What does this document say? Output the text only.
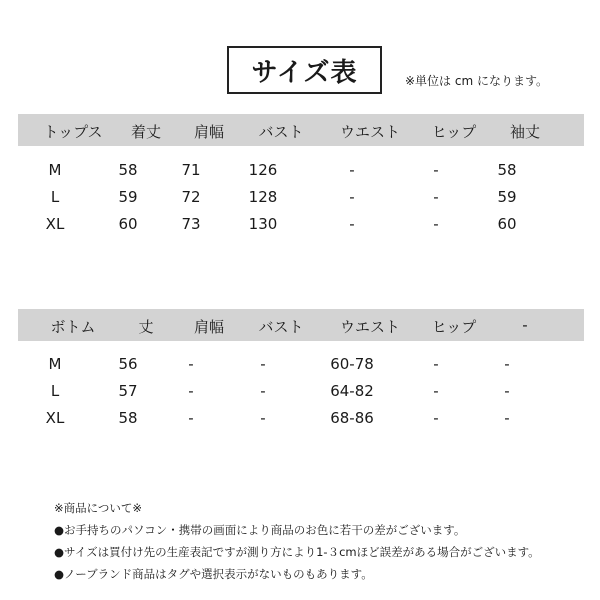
サイズ表	※単位は cm になります。
トップス	着丈	肩幅	バスト	ウエスト	ヒップ	袖丈
M	58	71	126	-	-	58
L	59	72	128	-	-	59
XL	60	73	130	-	-	60
ボトム	丈	肩幅	バスト	ウエスト	ヒップ	-
M	56	-	-	60-78	-	-
L	57	-	-	64-82	-	-
XL	58	-	-	68-86	-	-
※商品について※
●お手持ちのパソコン・携帯の画面により商品のお色に若干の差がございます。
●サイズは買付け先の生産表記ですが測り方により1-３cmほど誤差がある場合がございます。
●ノーブランド商品はタグや選択表示がないものもあります。
